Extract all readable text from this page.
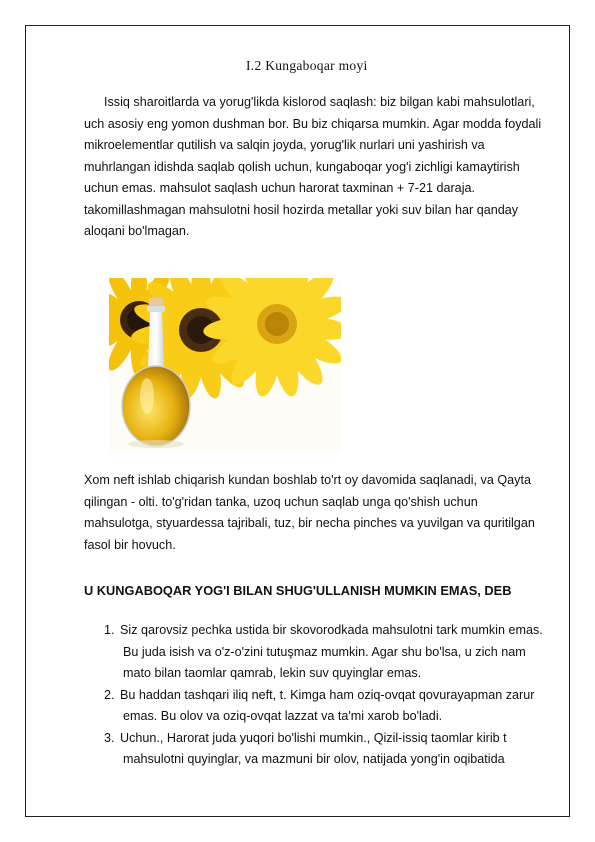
I.2 Kungaboqar moyi

Issiq sharoitlarda va yorug'likda kislorod saqlash: biz bilgan kabi mahsulotlari,
uch asosiy eng yomon dushman bor. Bu biz chiqarsa mumkin. Agar modda foydali
mikroelementlar qutilish va salqin joyda, yorug'lik nurlari uni yashirish va
muhrlangan idishda saqlab qolish uchun, kungaboqar yog'i zichligi kamaytirish
uchun emas. mahsulot saqlash uchun harorat taxminan + 7-21 daraja.
takomillashmagan mahsulotni hosil hozirda metallar yoki suv bilan har qanday
aloqani bo'lmagan.

Xom neft ishlab chiqarish kundan boshlab to'rt oy davomida saqlanadi, va Qayta
qilingan - olti. to'g'ridan tanka, uzoq uchun saqlab unga qo'shish uchun
mahsulotga, styuardessa tajribali, tuz, bir necha pinches va yuvilgan va quritilgan
fasol bir hovuch.

U KUNGABOQAR YOG'I BILAN SHUG'ULLANISH MUMKIN EMAS, DEB
1. Siz qarovsiz pechka ustida bir skovorodkada mahsulotni tark mumkin emas.
Bu juda isish va o'z-o'zini tutuşmaz mumkin. Agar shu bo'lsa, u zich nam
mato bilan taomlar qamrab, lekin suv quyinglar emas.
2. Bu haddan tashqari iliq neft, t. Kimga ham oziq-ovqat qovurayapman zarur
emas. Bu olov va oziq-ovqat lazzat va ta'mi xarob bo'ladi.
3. Uchun., Harorat juda yuqori bo'lishi mumkin., Qizil-issiq taomlar kirib t
mahsulotni quyinglar, va mazmuni bir olov, natijada yong'in oqibatida
